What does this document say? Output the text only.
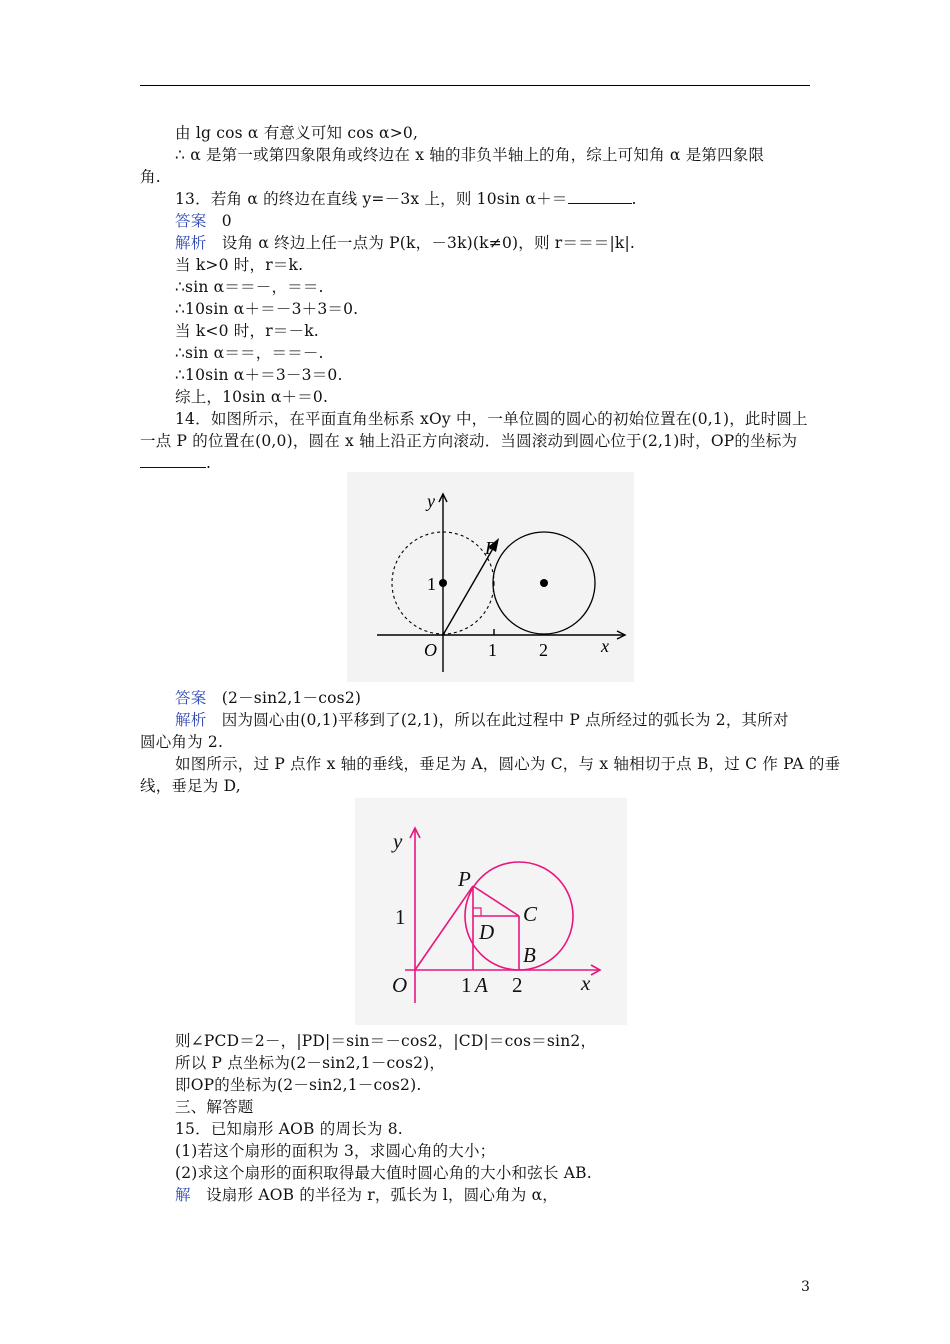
由 lg cos α 有意义可知 cos α>0,
∴ α 是第一或第四象限角或终边在 x 轴的非负半轴上的角，综上可知角 α 是第四象限
角.
13．若角 α 的终边在直线 y=－3x 上，则 10sin α＋＝	.
答案 0
解析 设角 α 终边上任一点为 P(k，－3k)(k≠0)，则 r＝＝＝|k|.
当 k>0 时，r＝k.
∴sin α＝＝－，＝＝.
∴10sin α＋＝－3＋3＝0.
当 k<0 时，r＝－k.
∴sin α＝＝，＝＝－.
∴10sin α＋＝3－3＝0.
综上，10sin α＋＝0.
14．如图所示，在平面直角坐标系 xOy 中，一单位圆的圆心的初始位置在(0,1)，此时圆上
一点 P 的位置在(0,0)，圆在 x 轴上沿正方向滚动．当圆滚动到圆心位于(2,1)时，OP的坐标为
.
y
x
O
P
1
1 2
答案 (2－sin2,1－cos2)
解析 因为圆心由(0,1)平移到了(2,1)，所以在此过程中 P 点所经过的弧长为 2，其所对
圆心角为 2.
如图所示，过 P 点作 x 轴的垂线，垂足为 A，圆心为 C，与 x 轴相切于点 B，过 C 作 PA 的垂
线，垂足为 D,
y
x
O
P
C
D
B
A
1
1 2
则∠PCD＝2－，|PD|＝sin＝－cos2，|CD|＝cos＝sin2，
所以 P 点坐标为(2－sin2,1－cos2)，
即OP的坐标为(2－sin2,1－cos2).
三、解答题
15．已知扇形 AOB 的周长为 8.
(1)若这个扇形的面积为 3，求圆心角的大小；
(2)求这个扇形的面积取得最大值时圆心角的大小和弦长 AB.
解 设扇形 AOB 的半径为 r，弧长为 l，圆心角为 α，
3
